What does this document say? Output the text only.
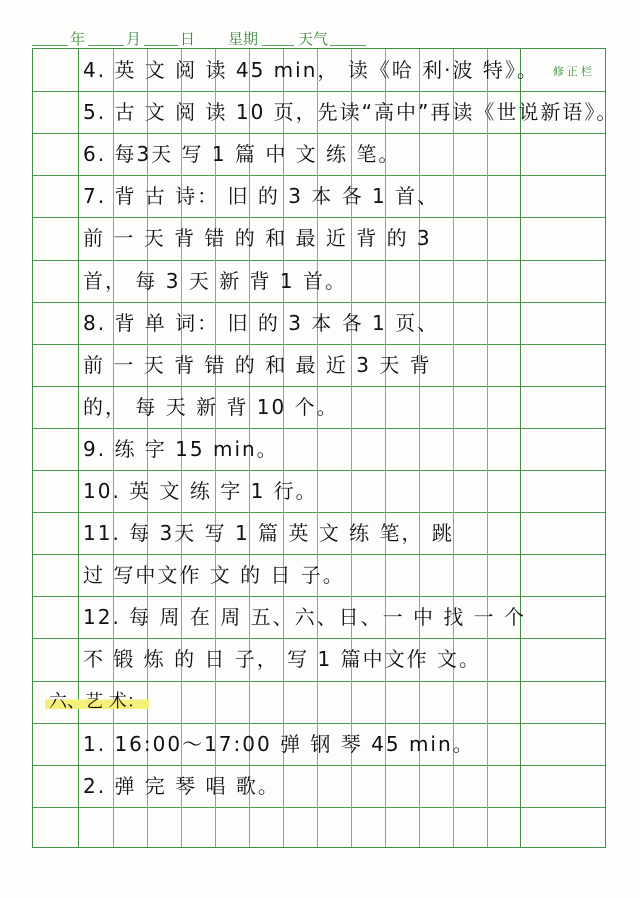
年	月	日 星期	天气
修正栏
4. 英 文 阅 读 45 min， 读《哈 利·波 特》。
5. 古 文 阅 读 10 页，先读“高中”再读《世说新语》。
6. 每3天 写 1 篇 中 文 练 笔。
7. 背 古 诗： 旧 的 3 本 各 1 首、
前 一 天 背 错 的 和 最 近 背 的 3
首， 每 3 天 新 背 1 首。
8. 背 单 词： 旧 的 3 本 各 1 页、
前 一 天 背 错 的 和 最 近 3 天 背
的， 每 天 新 背 10 个。
9. 练 字 15 min。
10. 英 文 练 字 1 行。
11. 每 3天 写 1 篇 英 文 练 笔， 跳
过 写中文作 文 的 日 子。
12. 每 周 在 周 五、六、日、一 中 找 一 个
不 锻 炼 的 日 子， 写 1 篇中文作 文。
1. 16:00～17:00 弹 钢 琴 45 min。
2. 弹 完 琴 唱 歌。
六、艺 术：
